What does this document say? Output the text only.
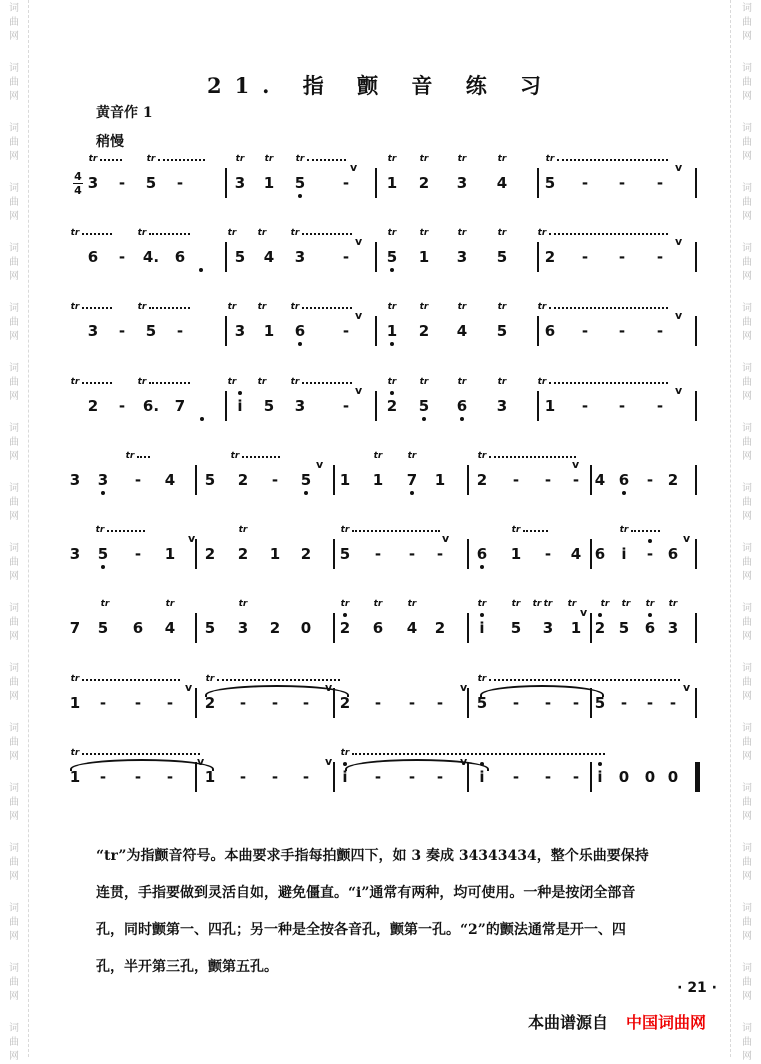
词
曲
网
词
曲
网
词
曲
网
词
曲
网
词
曲
网
词
曲
网
词
曲
网
词
曲
网
词
曲
网
词
曲
网
词
曲
网
词
曲
网
词
曲
网
词
曲
网
词
曲
网
词
曲
网
词
曲
网
词
曲
网
词
曲
网
词
曲
网
词
曲
网
词
曲
网
词
曲
网
词
曲
网
词
曲
网
词
曲
网
词
曲
网
词
曲
网
词
曲
网
词
曲
网
词
曲
网
词
曲
网
词
曲
网
词
曲
网
词
曲
网
词
曲
网
21. 指 颤 音 练 习
黄音作 1
稍慢
4
4 3 - 5 -	3 1 5	-	1 2 3 4	5 - - -
tr	tr	tr tr tr	tr	tr	tr	tr	tr
v	v
6 - 4. 6	5 4 3	-	5 1 3 5	2 - - -
tr	tr	tr tr	tr	tr	tr	tr	tr	tr
v	v
3 - 5 -	3 1 6	-	1 2 4 5	6 - - -
tr	tr	tr tr	tr	tr	tr	tr	tr	tr
v	v
2 - 6. 7	i 5 3	-	2 5 6 3	1 - - -
tr	tr	tr tr	tr	tr	tr	tr	tr	tr
v	v
3 3 - 4 5 2 - 5 1 1 7 1 2 - - - 4 6 - 2
tr	tr	tr	tr	tr
v	v
3 5 - 1 2 2 1 2 5 - - - 6 1 - 4 6 i - 6
tr	tr	tr	tr	tr
v	v	v
7 5 6 4 5 3 2 0 2 6 4 2 i 5 3 1 2 5 6 3
tr	tr	tr	tr	tr	tr	tr	tr tr tr tr	tr tr tr tr
v
1 - - - 2 - - - 2 - - - 5 - - - 5 - - -
tr	tr	tr
v	v	v	v
1 - - - 1 - - - i - - - i - - - i 0 0 0
tr	tr
v	v	v

“tr”为指颤音符号。本曲要求手指每拍颤四下，如 3 奏成 34343434，整个乐曲要保持

连贯，手指要做到灵活自如，避免僵直。“i”通常有两种，均可使用。一种是按闭全部音

孔，同时颤第一、四孔；另一种是全按各音孔，颤第一孔。“2”的颤法通常是开一、四

孔，半开第三孔，颤第五孔。

· 21 ·
本曲谱源自 中国词曲网
